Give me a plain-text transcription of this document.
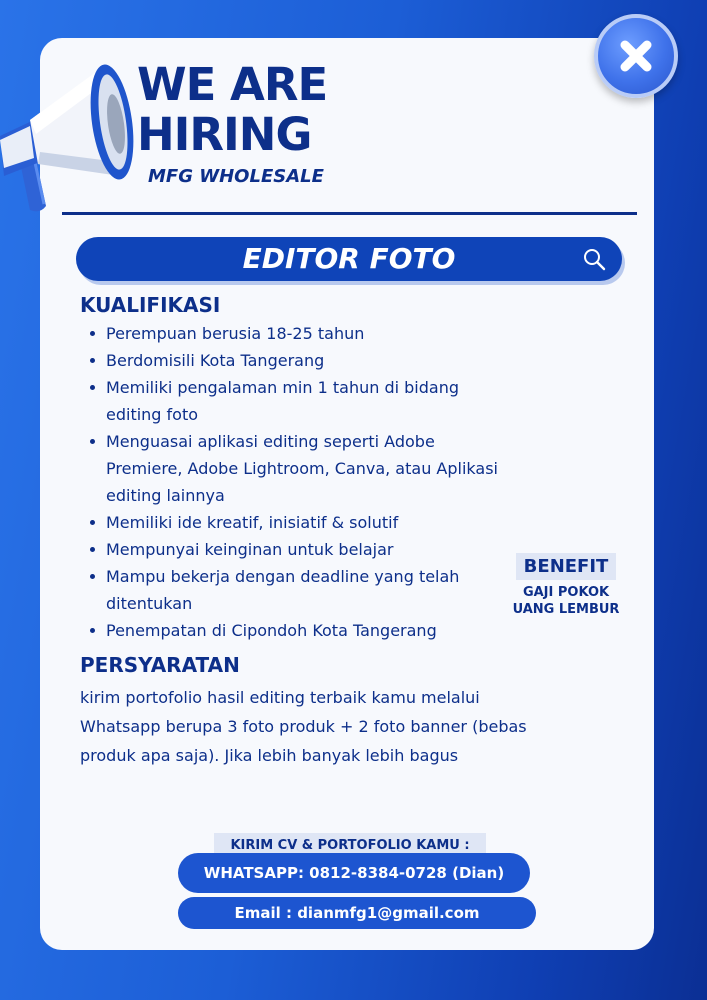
WE ARE
HIRING
MFG WHOLESALE
EDITOR FOTO
KUALIFIKASI
Perempuan berusia 18-25 tahun
Berdomisili Kota Tangerang
Memiliki pengalaman min 1 tahun di bidang
editing foto
Menguasai aplikasi editing seperti Adobe
Premiere, Adobe Lightroom, Canva, atau Aplikasi
editing lainnya
Memiliki ide kreatif, inisiatif & solutif
Mempunyai keinginan untuk belajar
Mampu bekerja dengan deadline yang telah
ditentukan
Penempatan di Cipondoh Kota Tangerang
BENEFIT
GAJI POKOK
UANG LEMBUR
PERSYARATAN
kirim portofolio hasil editing terbaik kamu melalui
Whatsapp berupa 3 foto produk + 2 foto banner (bebas
produk apa saja). Jika lebih banyak lebih bagus
KIRIM CV & PORTOFOLIO KAMU :
WHATSAPP: 0812-8384-0728 (Dian)
Email : dianmfg1@gmail.com
